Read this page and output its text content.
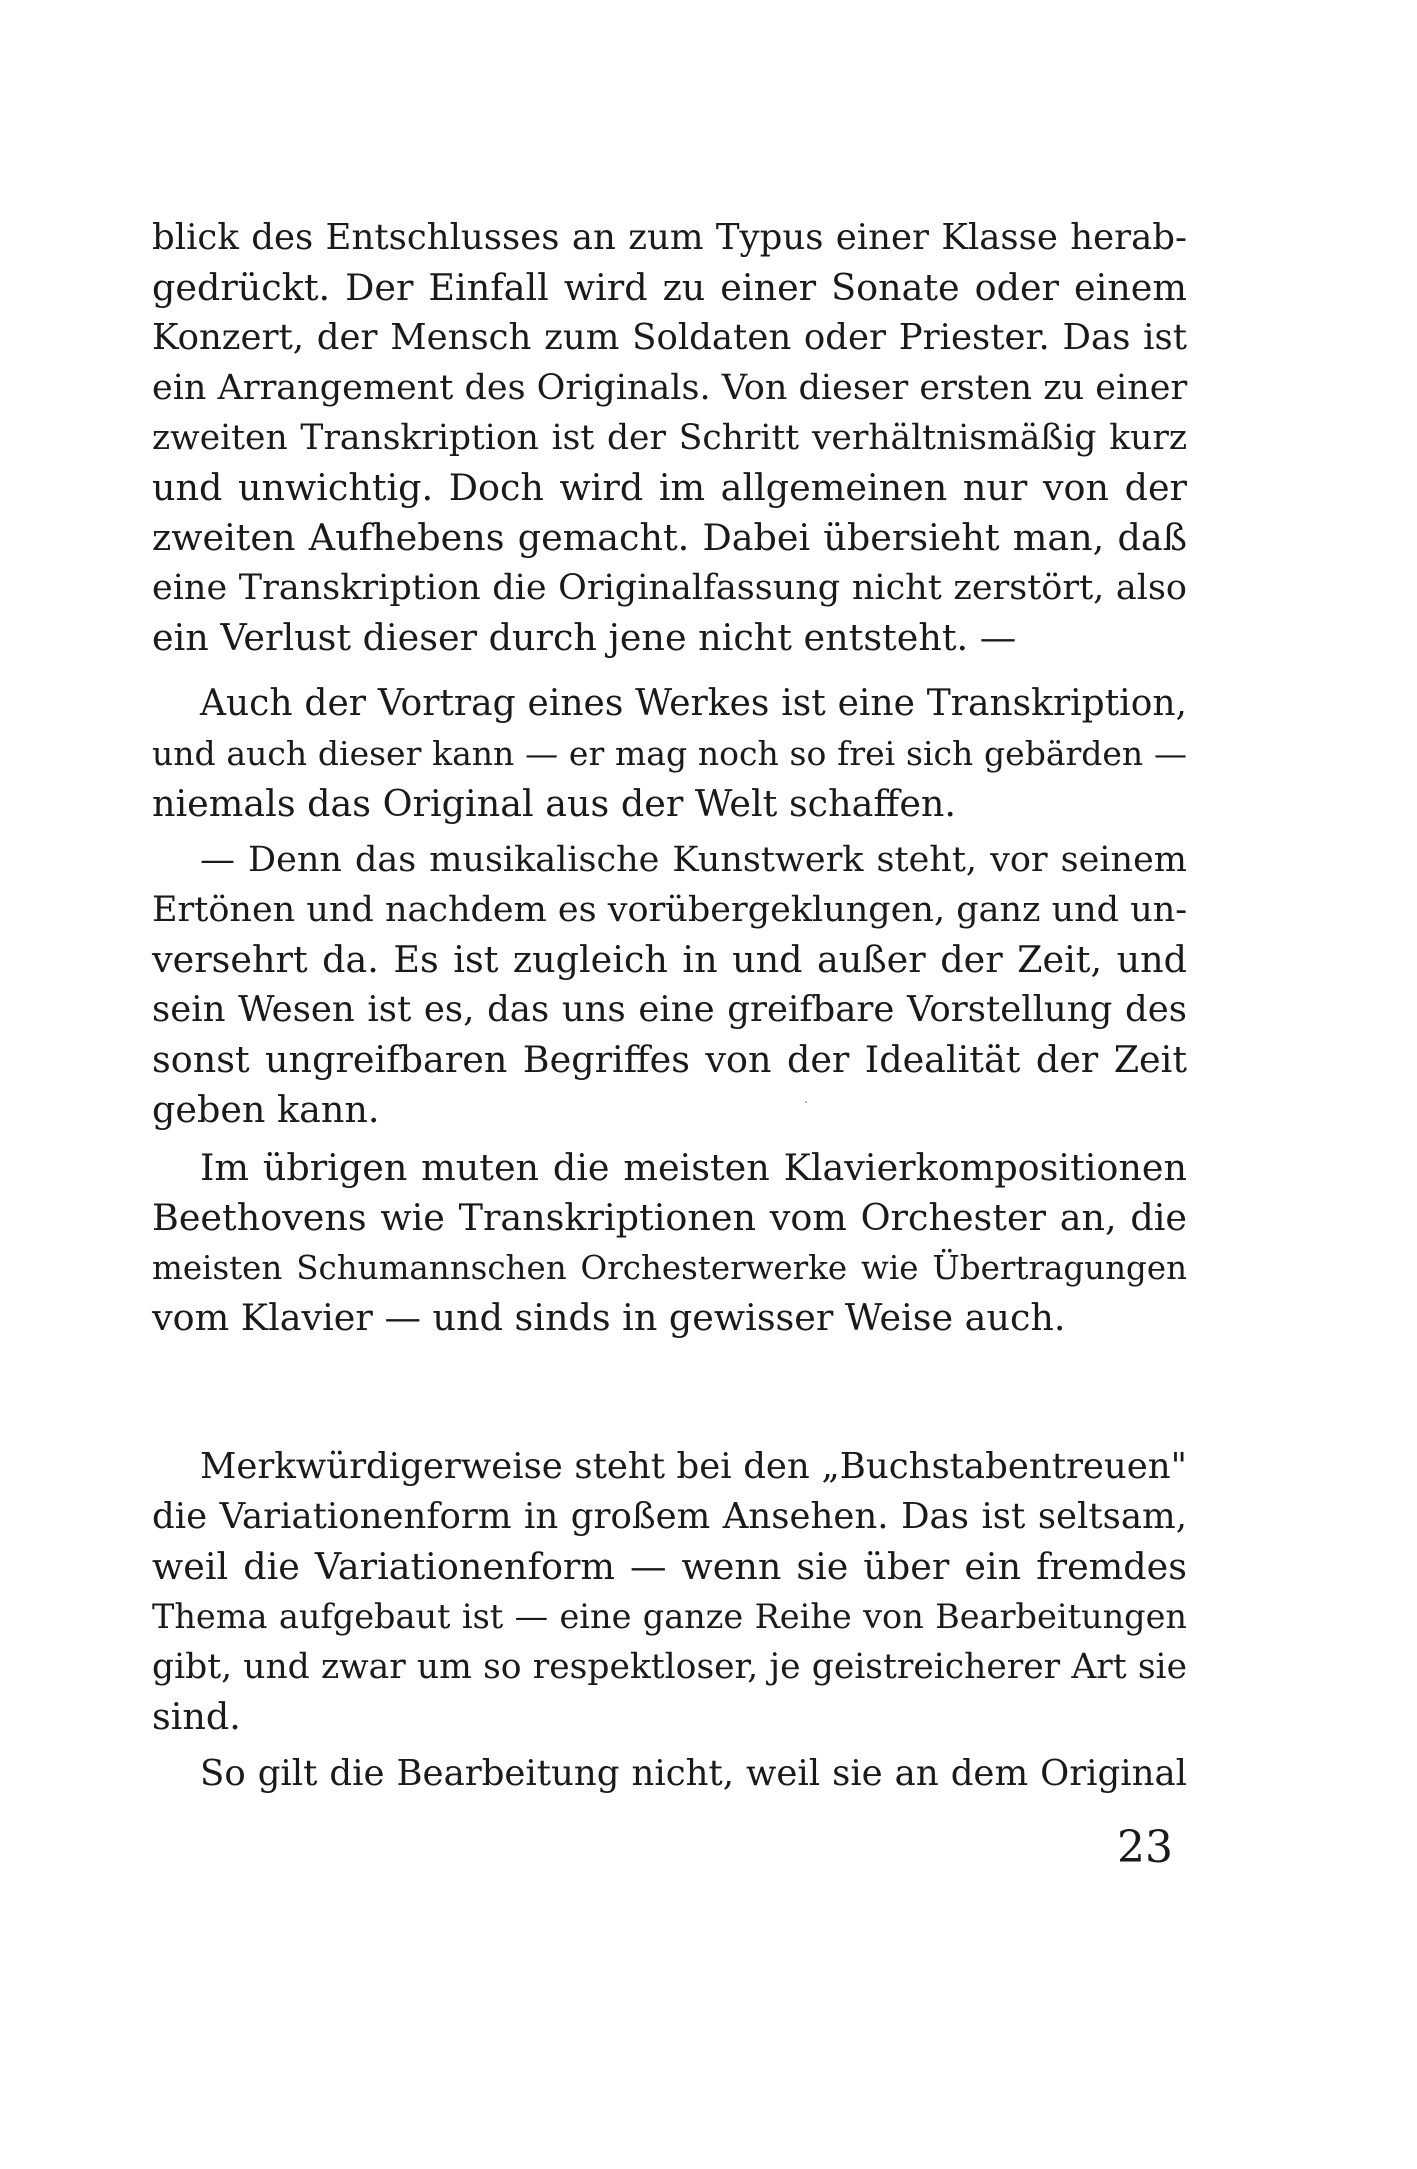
blick des Entschlusses an zum Typus einer Klasse herab-
gedrückt. Der Einfall wird zu einer Sonate oder einem
Konzert, der Mensch zum Soldaten oder Priester. Das ist
ein Arrangement des Originals. Von dieser ersten zu einer
zweiten Transkription ist der Schritt verhältnismäßig kurz
und unwichtig. Doch wird im allgemeinen nur von der
zweiten Aufhebens gemacht. Dabei übersieht man, daß
eine Transkription die Originalfassung nicht zerstört, also
ein Verlust dieser durch jene nicht entsteht. —
Auch der Vortrag eines Werkes ist eine Transkription,
und auch dieser kann — er mag noch so frei sich gebärden —
niemals das Original aus der Welt schaffen.
— Denn das musikalische Kunstwerk steht, vor seinem
Ertönen und nachdem es vorübergeklungen, ganz und un-
versehrt da. Es ist zugleich in und außer der Zeit, und
sein Wesen ist es, das uns eine greifbare Vorstellung des
sonst ungreifbaren Begriffes von der Idealität der Zeit
geben kann.
Im übrigen muten die meisten Klavierkompositionen
Beethovens wie Transkriptionen vom Orchester an, die
meisten Schumannschen Orchesterwerke wie Übertragungen
vom Klavier — und sinds in gewisser Weise auch.
Merkwürdigerweise steht bei den „Buchstabentreuen"
die Variationenform in großem Ansehen. Das ist seltsam,
weil die Variationenform — wenn sie über ein fremdes
Thema aufgebaut ist — eine ganze Reihe von Bearbeitungen
gibt, und zwar um so respektloser, je geistreicherer Art sie
sind.
So gilt die Bearbeitung nicht, weil sie an dem Original
23
